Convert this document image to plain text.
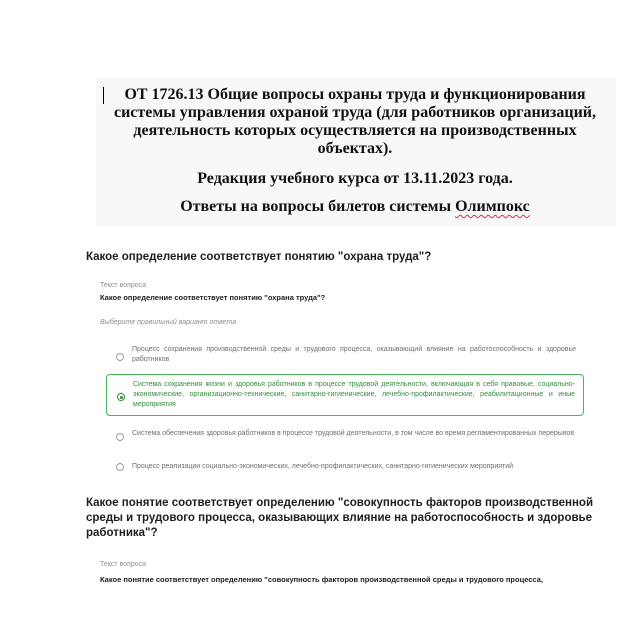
ОТ 1726.13 Общие вопросы охраны труда и функционирования системы управления охраной труда (для работников организаций, деятельность которых осуществляется на производственных объектах).

Редакция учебного курса от 13.11.2023 года.

Ответы на вопросы билетов системы Олимпокс

Какое определение соответствует понятию "охрана труда"?

Текст вопроса

Какое определение соответствует понятию "охрана труда"?

Выберите правильный вариант ответа

Процесс сохранения производственной среды и трудового процесса, оказывающий влияние на работоспособность и здоровье работников
Система сохранения жизни и здоровья работников в процессе трудовой деятельности, включающая в себя правовые, социально-экономические, организационно-технические, санитарно-гигиенические, лечебно-профилактические, реабилитационные и иные мероприятия
Система обеспечения здоровья работников в процессе трудовой деятельности, в том числе во время регламентированных перерывов
Процесс реализации социально-экономических, лечебно-профилактических, санитарно-гигиенических мероприятий
Какое понятие соответствует определению "совокупность факторов производственной среды и трудового процесса, оказывающих влияние на работоспособность и здоровье работника"?

Текст вопроса

Какое понятие соответствует определению "совокупность факторов производственной среды и трудового процесса,
